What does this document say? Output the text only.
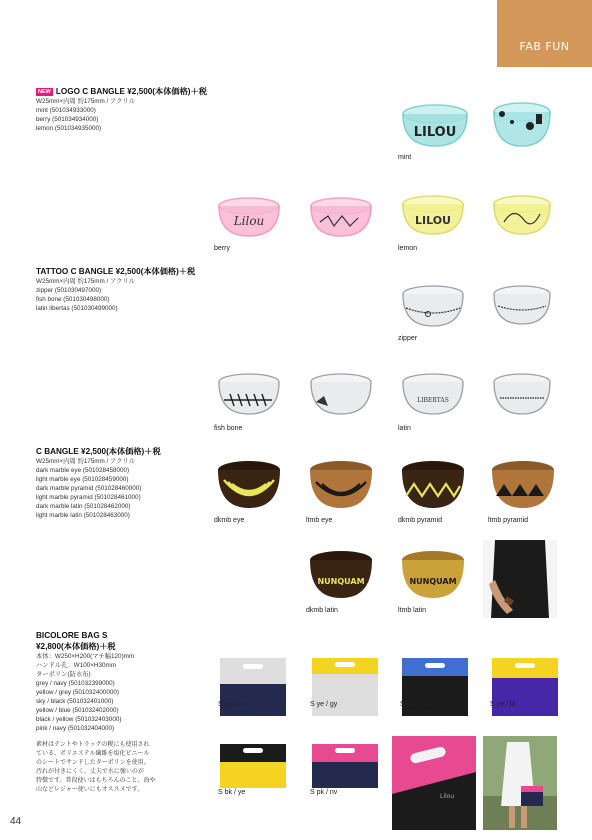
FAB FUN
NEW LOGO C BANGLE ¥2,500(本体価格)＋税
W25mm×内周 約175mm / アクリル
mint (501034933000)
berry (501034934000)
lemon (501034935000)	LILOU
mint
Lilou
berry
LILOU
lemon
TATTOO C BANGLE ¥2,500(本体価格)＋税
W25mm×内周 約175mm / アクリル
zipper (501030497000)
fish bone (501030498000)
latin libertas (501030499000)
zipper
fish bone
LIBERTAS
latin
C BANGLE ¥2,500(本体価格)＋税
W25mm×内周 約175mm / アクリル
dark marble eye (501028458000)
light marble eye (501028459000)
dark marble pyramid (501028460000)
light marble pyramid (501028461000)
dark marble latin (501028462000)
light marble latin (501028463000)
dkmb eye	ltmb eye	dkmb pyramid	ltmb pyramid
NUNQUAM
dkmb latin
NUNQUAM
ltmb latin
BICOLORE BAG S
¥2,800(本体価格)＋税
本体：W250×H200(マチ幅120)mm
ハンドル孔：W100×H30mm
ターポリン(防水布)
grey / navy (501032399000)
yellow / grey (501032400000)
sky / black (501032401000)
yellow / blue (501032402000)
black / yellow (501032403000)
pink / navy (501032404000)
素材はテントやトラックの幌にも使用され
ている、ポリエステル繊維を塩化ビニール
のシートでサンドしたターポリンを使用。
汚れが付きにくく、丈夫で水に強いのが
特徴です。普段使いはもちろんのこと、海や
山などレジャー使いにもオススメです。
S gy / nv	S ye / gy	S sky / bk	S ye / bl
S bk / ye	S pk / nv
Lilou
44
